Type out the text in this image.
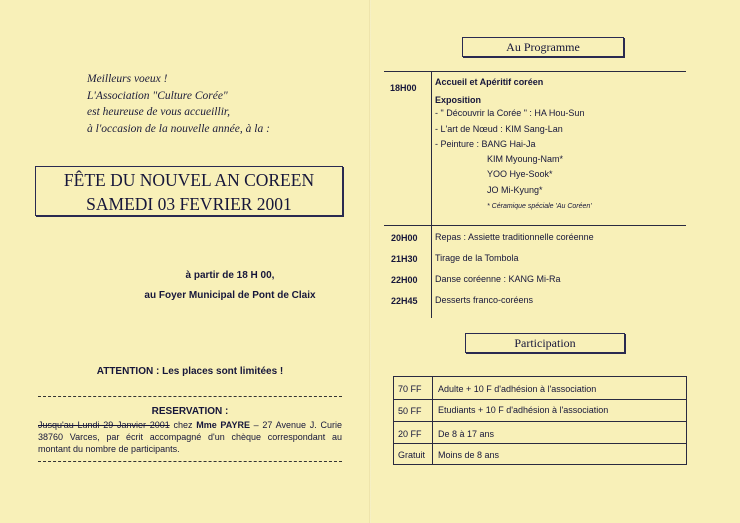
Meilleurs voeux !
L'Association "Culture Corée"
est heureuse de vous accueillir,
à l'occasion de la nouvelle année, à la :
FÊTE DU NOUVEL AN COREEN
SAMEDI 03 FEVRIER 2001
à partir de 18 H 00,
au Foyer Municipal de Pont de Claix
ATTENTION : Les places sont limitées !
RESERVATION :
Jusqu'au Lundi 29 Janvier 2001 chez Mme PAYRE – 27 Avenue J. Curie 38760 Varces, par écrit accompagné d'un chèque correspondant au montant du nombre de participants.
Au Programme
18H00
Accueil et Apéritif coréen
Exposition
- " Découvrir la Corée " : HA Hou-Sun
- L'art de Nœud : KIM Sang-Lan
- Peinture : BANG Hai-Ja
KIM Myoung-Nam*
YOO Hye-Sook*
JO Mi-Kyung*
* Céramique spéciale 'Au Coréen'
20H00 Repas : Assiette traditionnelle coréenne
21H30 Tirage de la Tombola
22H00 Danse coréenne : KANG Mi-Ra
22H45 Desserts franco-coréens
Participation
70 FF Adulte + 10 F d'adhésion à l'association
50 FF Etudiants + 10 F d'adhésion à l'association
20 FF De 8 à 17 ans
Gratuit Moins de 8 ans
